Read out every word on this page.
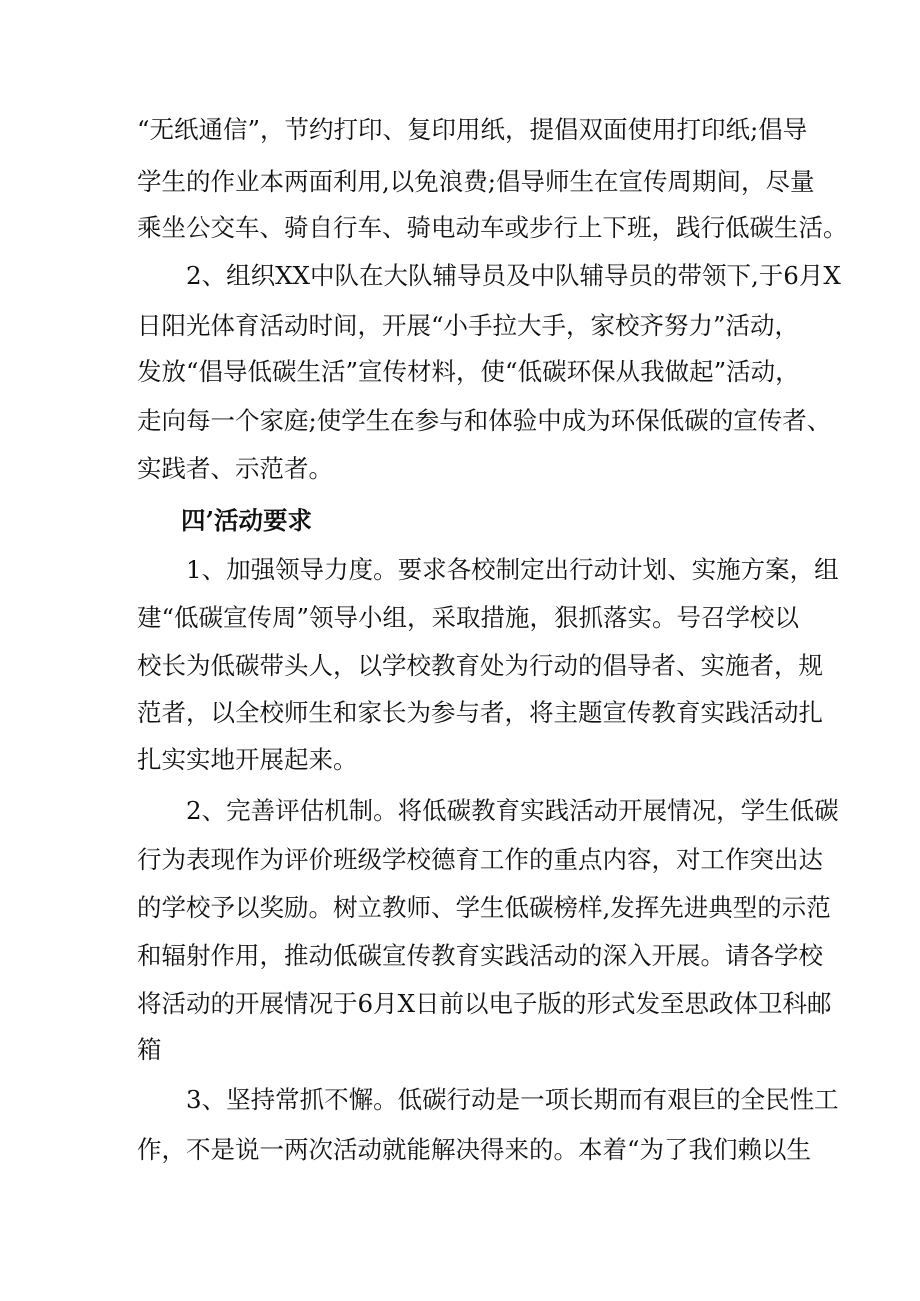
“无纸通信”，节约打印、复印用纸，提倡双面使用打印纸;倡导
学生的作业本两面利用,以免浪费;倡导师生在宣传周期间，尽量
乘坐公交车、骑自行车、骑电动车或步行上下班，践行低碳生活。
2、组织XX中队在大队辅导员及中队辅导员的带领下,于6月X
日阳光体育活动时间，开展“小手拉大手，家校齐努力”活动，
发放“倡导低碳生活”宣传材料，使“低碳环保从我做起”活动，
走向每一个家庭;使学生在参与和体验中成为环保低碳的宣传者、
实践者、示范者。
四’活动要求
1、加强领导力度。要求各校制定出行动计划、实施方案，组
建“低碳宣传周”领导小组，采取措施，狠抓落实。号召学校以
校长为低碳带头人，以学校教育处为行动的倡导者、实施者，规
范者，以全校师生和家长为参与者，将主题宣传教育实践活动扎
扎实实地开展起来。
2、完善评估机制。将低碳教育实践活动开展情况，学生低碳
行为表现作为评价班级学校德育工作的重点内容，对工作突出达
的学校予以奖励。树立教师、学生低碳榜样,发挥先进典型的示范
和辐射作用，推动低碳宣传教育实践活动的深入开展。请各学校
将活动的开展情况于6月X日前以电子版的形式发至思政体卫科邮
箱
3、坚持常抓不懈。低碳行动是一项长期而有艰巨的全民性工
作，不是说一两次活动就能解决得来的。本着“为了我们赖以生
